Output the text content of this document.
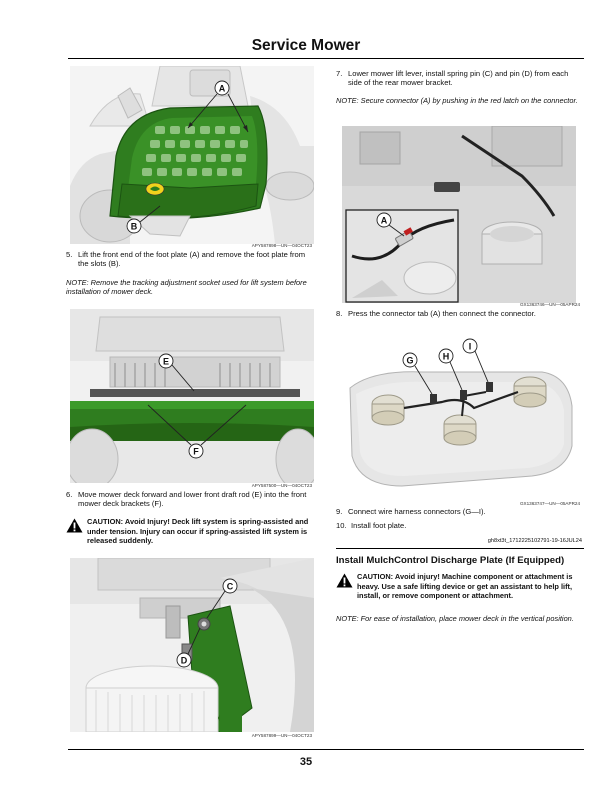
Service Mower
A
B
APY587898—UN—04OCT23
5. Lift the front end of the foot plate (A) and remove the foot plate from the slots (B).
NOTE: Remove the tracking adjustment socket used for lift system before installation of mower deck.
E
F
APY587500—UN—04OCT23
6. Move mower deck forward and lower front draft rod (E) into the front mower deck brackets (F).
CAUTION: Avoid Injury! Deck lift system is spring-assisted and under tension. Injury can occur if spring-assisted lift system is released suddenly.
C
D
APY587899—UN—04OCT23
7. Lower mower lift lever, install spring pin (C) and pin (D) from each side of the rear mower bracket.
NOTE: Secure connector (A) by pushing in the red latch on the connector.
A
GX1363746—UN—05APR24
8. Press the connector tab (A) then connect the connector.
G	H
I
GX1363747—UN—05APR24
9. Connect wire harness connectors (G—I).
10. Install foot plate.
gh8xt3t_1712225102791-19-16JUL24
Install MulchControl Discharge Plate (If Equipped)
CAUTION: Avoid injury! Machine component or attachment is heavy. Use a safe lifting device or get an assistant to help lift, install, or remove component or attachment.
NOTE: For ease of installation, place mower deck in the vertical position.
35
